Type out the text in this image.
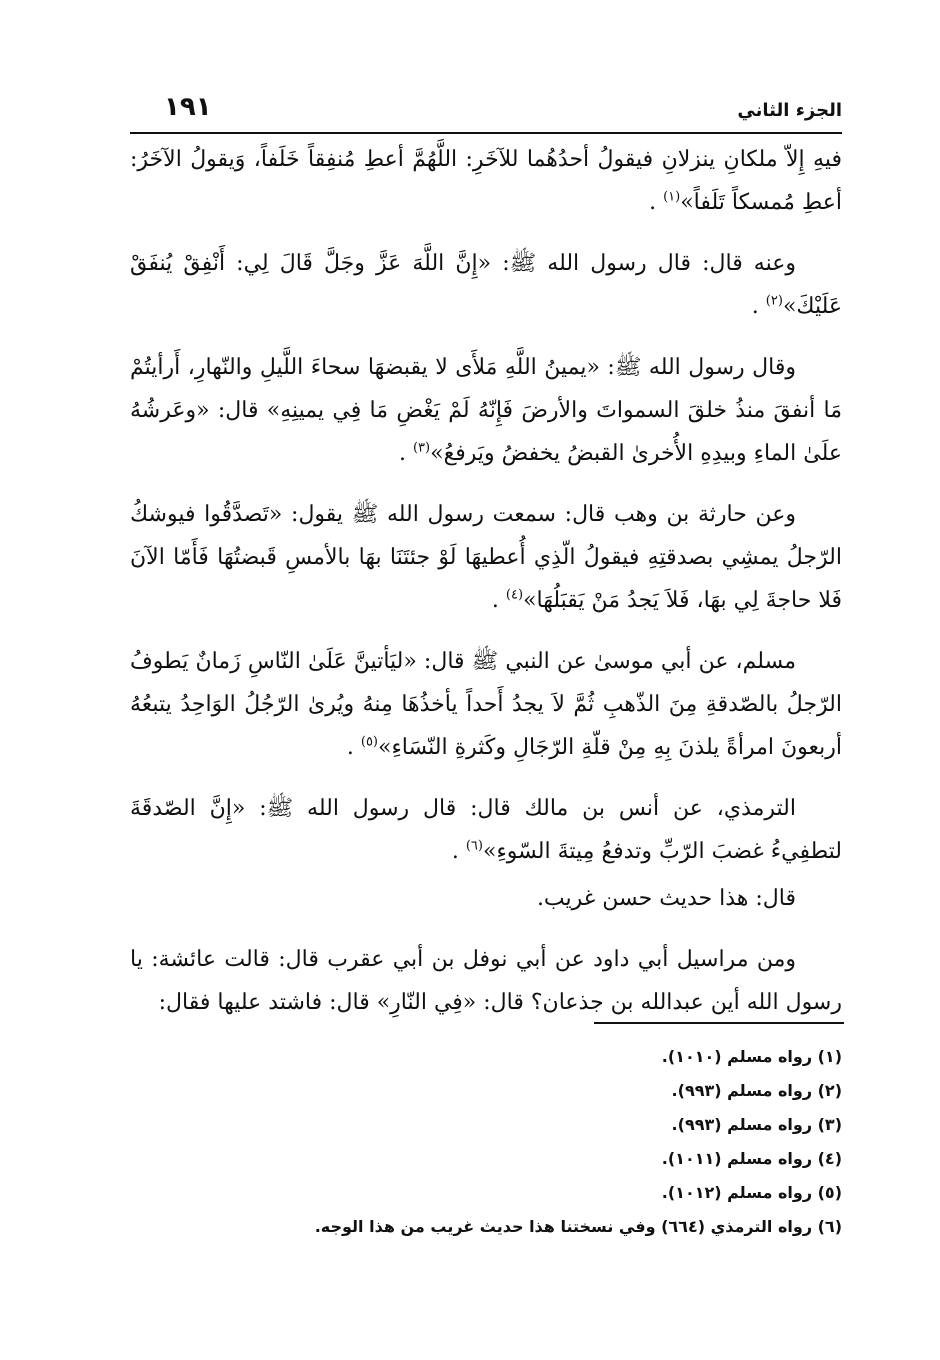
١٩١	الجزء الثاني

فيهِ إِلاّ ملكانِ ينزلانِ فيقولُ أحدُهُما للآخَرِ: اللَّهُمَّ أعطِ مُنفِقاً خَلَفاً، وَيقولُ الآخَرُ: أعطِ مُمسكاً تَلَفاً»$^{(١)}$ .

وعنه قال: قال رسول الله ﷺ: «إِنَّ اللَّهَ عَزَّ وجَلَّ قَالَ لِي: أَنْفِقْ يُنفَقْ عَلَيْكَ»$^{(٢)}$ .

وقال رسول الله ﷺ: «يمينُ اللَّهِ مَلأَى لا يقبضهَا سحاءَ اللَّيلِ والنّهارِ، أَرأيتُمْ مَا أنفقَ منذُ خلقَ السمواتَ والأرضَ فَإِنّهُ لَمْ يَغْضِ مَا فِي يمينِهِ» قال: «وعَرشُهُ علَىٰ الماءِ وبيدِهِ الأُخرىٰ القبضُ يخفضُ ويَرفعُ»$^{(٣)}$ .

وعن حارثة بن وهب قال: سمعت رسول الله ﷺ يقول: «تَصدَّقُوا فيوشكُ الرّجلُ يمشِي بصدقتِهِ فيقولُ الّذِي أُعطيهَا لَوْ جئتَنَا بهَا بالأمسِ قَبضتُهَا فَأَمّا الآنَ فَلا حاجةَ لِي بهَا، فَلاَ يَجدُ مَنْ يَقبَلُهَا»$^{(٤)}$ .

مسلم، عن أبي موسىٰ عن النبي ﷺ قال: «ليَأتينَّ عَلَىٰ النّاسِ زَمانٌ يَطوفُ الرّجلُ بالصّدقةِ مِنَ الذّهبِ ثُمَّ لاَ يجدُ أَحداً يأخذُهَا مِنهُ ويُرىٰ الرّجُلُ الوَاحِدُ يتبعُهُ أربعونَ امرأةً يلذنَ بِهِ مِنْ قلّةِ الرّجَالِ وكَثرةِ النّسَاءِ»$^{(٥)}$ .

الترمذي، عن أنس بن مالك قال: قال رسول الله ﷺ: «إِنَّ الصّدقَةَ لتطفِيءُ غضبَ الرّبِّ وتدفعُ مِيتةَ السّوءِ»$^{(٦)}$ .

قال: هذا حديث حسن غريب.

ومن مراسيل أبي داود عن أبي نوفل بن أبي عقرب قال: قالت عائشة: يا رسول الله أين عبدالله بن جذعان؟ قال: «فِي النّارِ» قال: فاشتد عليها فقال:

(١) رواه مسلم (١٠١٠).
(٢) رواه مسلم (٩٩٣).
(٣) رواه مسلم (٩٩٣).
(٤) رواه مسلم (١٠١١).
(٥) رواه مسلم (١٠١٢).
(٦) رواه الترمذي (٦٦٤) وفي نسختنا هذا حديث غريب من هذا الوجه.
